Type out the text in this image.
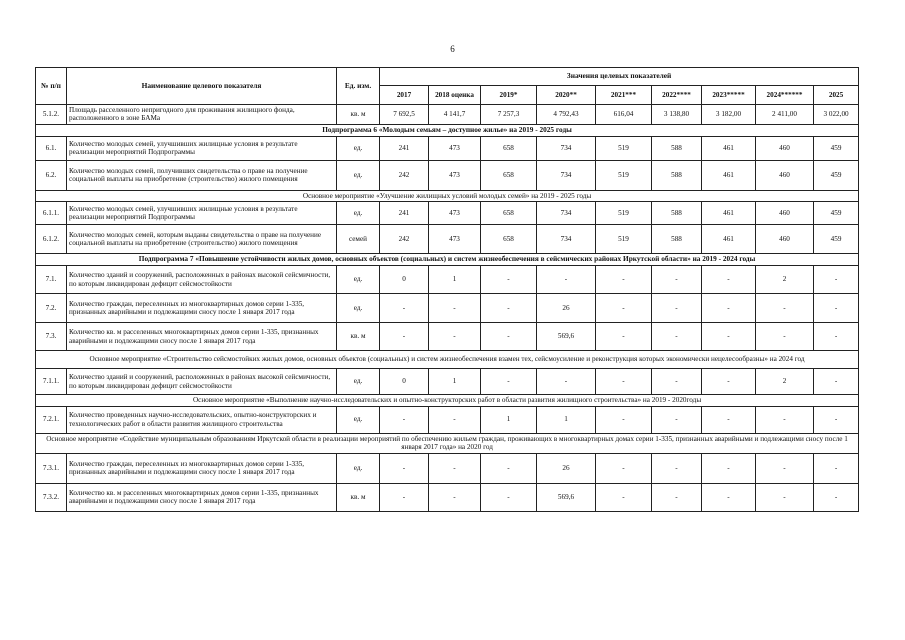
6
№ п/п	Наименование целевого показателя	Ед. изм.	Значения целевых показателей								
			2017	2018 оценка	2019*	2020**	2021***	2022****	2023*****	2024******	2025
5.1.2.	Площадь расселенного непригодного для проживания жилищного фонда, расположенного в зоне БАМа	кв. м	7 692,5	4 141,7	7 257,3	4 792,43	616,04	3 138,80	3 182,00	2 411,00	3 022,00
Подпрограмма 6 «Молодым семьям – доступное жилье» на 2019 - 2025 годы											
6.1.	Количество молодых семей, улучшивших жилищные условия в результате реализации мероприятий Подпрограммы	ед.	241	473	658	734	519	588	461	460	459
6.2.	Количество молодых семей, получивших свидетельства о праве на получение социальной выплаты на приобретение (строительство) жилого помещения	ед.	242	473	658	734	519	588	461	460	459
Основное мероприятие «Улучшение жилищных условий молодых семей» на 2019 - 2025 годы											
6.1.1.	Количество молодых семей, улучшивших жилищные условия в результате реализации мероприятий Подпрограммы	ед.	241	473	658	734	519	588	461	460	459
6.1.2.	Количество молодых семей, которым выданы свидетельства о праве на получение социальной выплаты на приобретение (строительство) жилого помещения	семей	242	473	658	734	519	588	461	460	459
Подпрограмма 7 «Повышение устойчивости жилых домов, основных объектов (социальных) и систем жизнеобеспечения в сейсмических районах Иркутской области» на 2019 - 2024 годы											
7.1.	Количество зданий и сооружений, расположенных в районах высокой сейсмичности, по которым ликвидирован дефицит сейсмостойкости	ед.	0	1	-	-	-	-	-	2	-
7.2.	Количество граждан, переселенных из многоквартирных домов серии 1-335, признанных аварийными и подлежащими сносу после 1 января 2017 года	ед.	-	-	-	26	-	-	-	-	-
7.3.	Количество кв. м расселенных многоквартирных домов серии 1-335, признанных аварийными и подлежащими сносу после 1 января 2017 года	кв. м	-	-	-	569,6	-	-	-	-	-
Основное мероприятие «Строительство сейсмостойких жилых домов, основных объектов (социальных) и систем жизнеобеспечения взамен тех, сейсмоусиление и реконструкция которых экономически нецелесообразны» на 2024 год											
7.1.1.	Количество зданий и сооружений, расположенных в районах высокой сейсмичности, по которым ликвидирован дефицит сейсмостойкости	ед.	0	1	-	-	-	-	-	2	-
Основное мероприятие «Выполнение научно-исследовательских и опытно-конструкторских работ в области развития жилищного строительства» на 2019 - 2020годы											
7.2.1.	Количество проведенных научно-исследовательских, опытно-конструкторских и технологических работ в области развития жилищного строительства	ед.	-	-	1	1	-	-	-	-	-
Основное мероприятие «Содействие муниципальным образованиям Иркутской области в реализации мероприятий по обеспечению жильем граждан, проживающих в многоквартирных домах серии 1-335, признанных аварийными и подлежащими сносу после 1 января 2017 года» на 2020 год											
7.3.1.	Количество граждан, переселенных из многоквартирных домов серии 1-335, признанных аварийными и подлежащими сносу после 1 января 2017 года	ед.	-	-	-	26	-	-	-	-	-
7.3.2.	Количество кв. м расселенных многоквартирных домов серии 1-335, признанных аварийными и подлежащими сносу после 1 января 2017 года	кв. м	-	-	-	569,6	-	-	-	-	-
